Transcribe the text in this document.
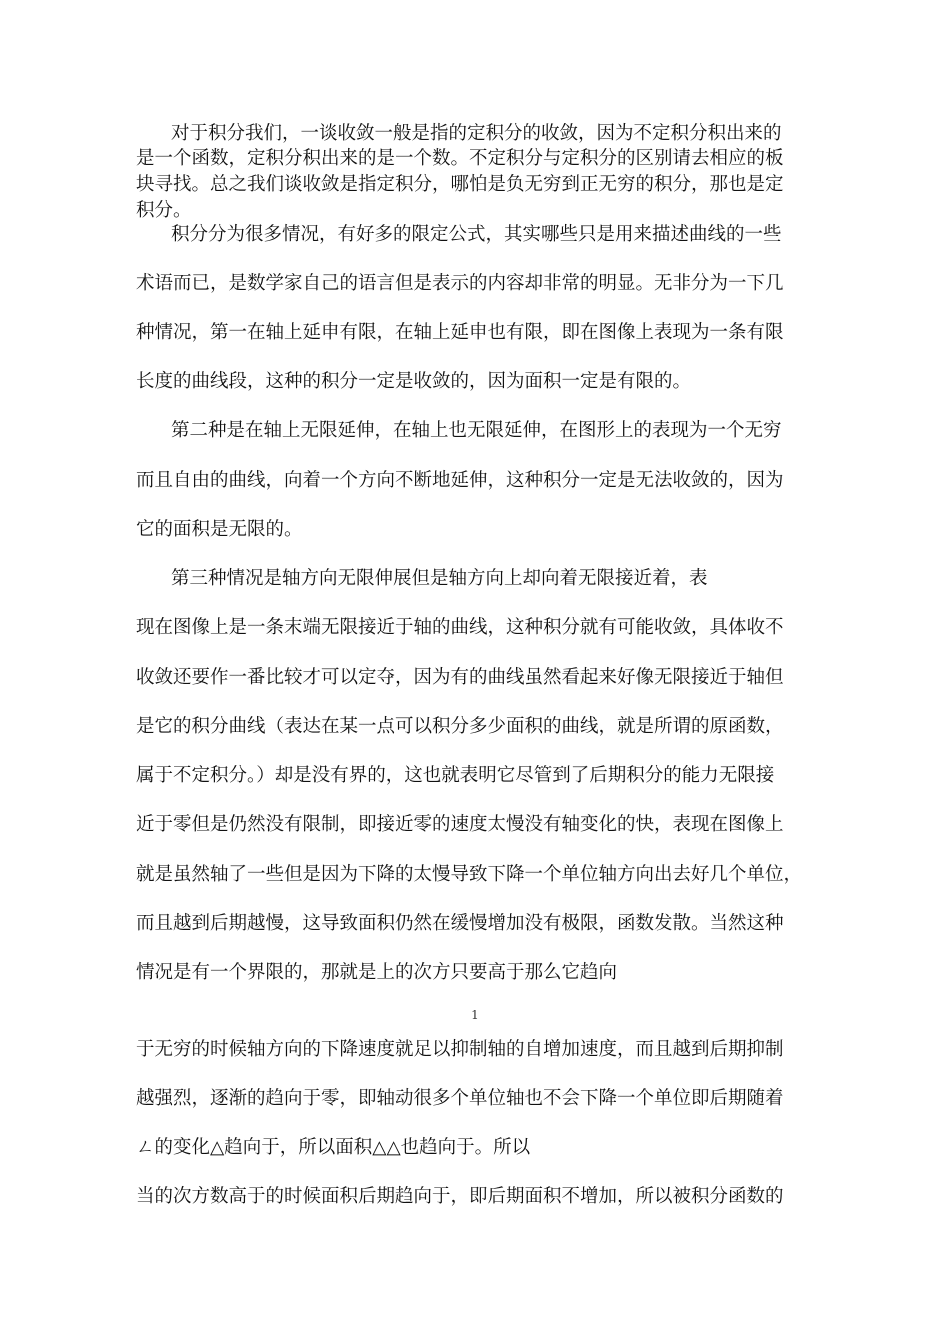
对于积分我们，一谈收敛一般是指的定积分的收敛，因为不定积分积出来的
是一个函数，定积分积出来的是一个数。不定积分与定积分的区别请去相应的板
块寻找。总之我们谈收敛是指定积分，哪怕是负无穷到正无穷的积分，那也是定
积分。
积分分为很多情况，有好多的限定公式，其实哪些只是用来描述曲线的一些
术语而已，是数学家自己的语言但是表示的内容却非常的明显。无非分为一下几
种情况，第一在轴上延申有限，在轴上延申也有限，即在图像上表现为一条有限
长度的曲线段，这种的积分一定是收敛的，因为面积一定是有限的。
第二种是在轴上无限延伸，在轴上也无限延伸，在图形上的表现为一个无穷
而且自由的曲线，向着一个方向不断地延伸，这种积分一定是无法收敛的，因为
它的面积是无限的。
第三种情况是轴方向无限伸展但是轴方向上却向着无限接近着，表
现在图像上是一条末端无限接近于轴的曲线，这种积分就有可能收敛，具体收不
收敛还要作一番比较才可以定夺，因为有的曲线虽然看起来好像无限接近于轴但
是它的积分曲线（表达在某一点可以积分多少面积的曲线，就是所谓的原函数，
属于不定积分。）却是没有界的，这也就表明它尽管到了后期积分的能力无限接
近于零但是仍然没有限制，即接近零的速度太慢没有轴变化的快，表现在图像上
就是虽然轴了一些但是因为下降的太慢导致下降一个单位轴方向出去好几个单位，
而且越到后期越慢，这导致面积仍然在缓慢增加没有极限，函数发散。当然这种
情况是有一个界限的，那就是上的次方只要高于那么它趋向
1
于无穷的时候轴方向的下降速度就足以抑制轴的自增加速度，而且越到后期抑制
越强烈，逐渐的趋向于零，即轴动很多个单位轴也不会下降一个单位即后期随着
ㄥ的变化△趋向于，所以面积△△也趋向于。所以
当的次方数高于的时候面积后期趋向于，即后期面积不增加，所以被积分函数的
